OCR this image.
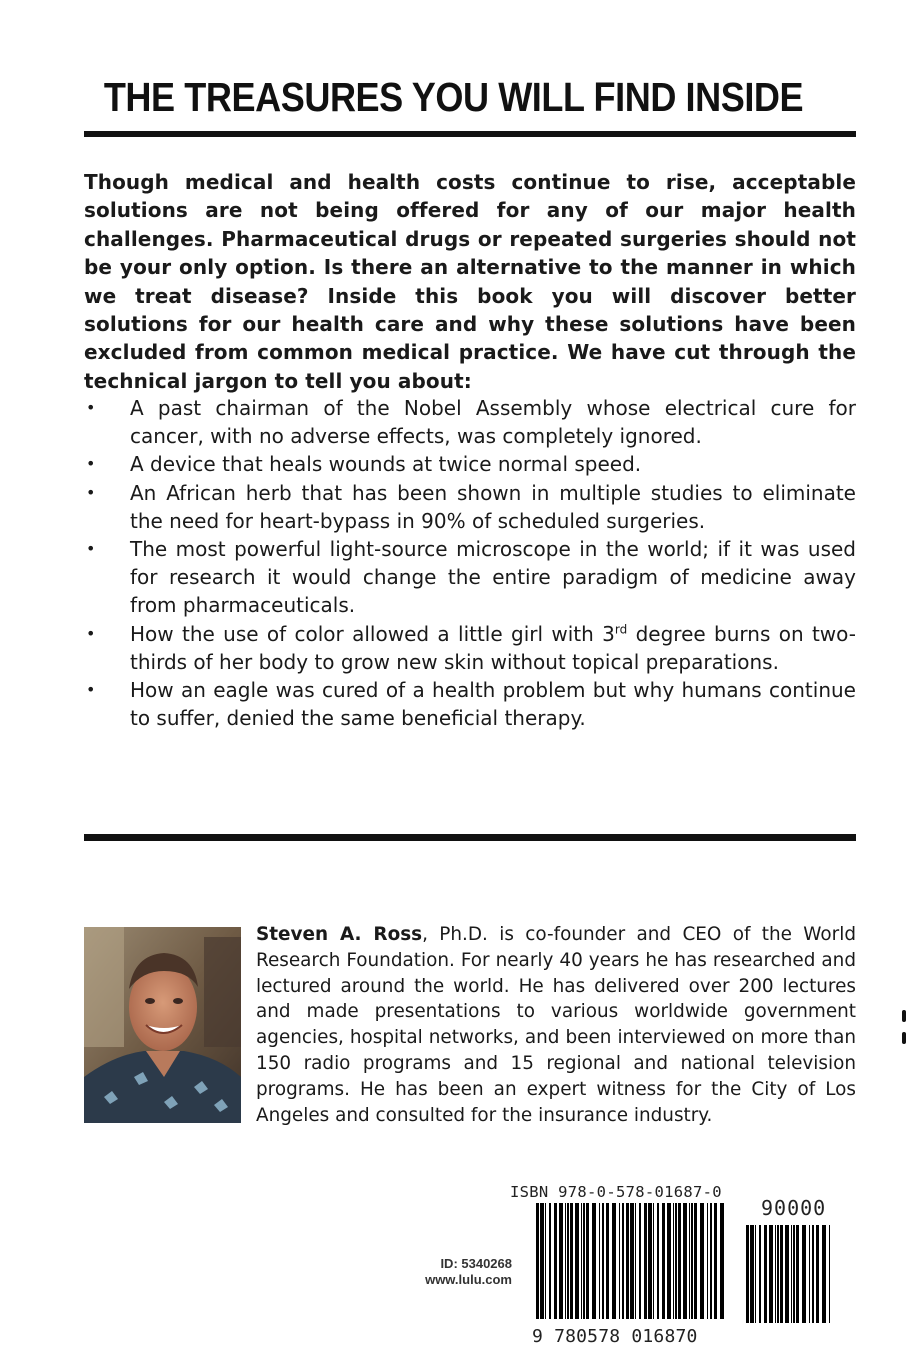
THE TREASURES YOU WILL FIND INSIDE
Though medical and health costs continue to rise, acceptable solutions are not being offered for any of our major health challenges. Pharmaceutical drugs or repeated surgeries should not be your only option. Is there an alternative to the manner in which we treat disease? Inside this book you will discover better solutions for our health care and why these solutions have been excluded from common medical practice. We have cut through the technical jargon to tell you about:
• A past chairman of the Nobel Assembly whose electrical cure for cancer, with no adverse effects, was completely ignored.
• A device that heals wounds at twice normal speed.
• An African herb that has been shown in multiple studies to eliminate the need for heart-bypass in 90% of scheduled surgeries.
• The most powerful light-source microscope in the world; if it was used for research it would change the entire paradigm of medicine away from pharmaceuticals.
• How the use of color allowed a little girl with 3rd degree burns on two-thirds of her body to grow new skin without topical preparations.
• How an eagle was cured of a health problem but why humans continue to suffer, denied the same beneficial therapy.
Steven A. Ross, Ph.D. is co-founder and CEO of the World Research Foundation. For nearly 40 years he has researched and lectured around the world. He has delivered over 200 lectures and made presentations to various worldwide government agencies, hospital networks, and been interviewed on more than 150 radio programs and 15 regional and national television programs. He has been an expert witness for the City of Los Angeles and consulted for the insurance industry.
ID: 5340268
www.lulu.com
ISBN 978-0-578-01687-0
90000
9 780578 016870
